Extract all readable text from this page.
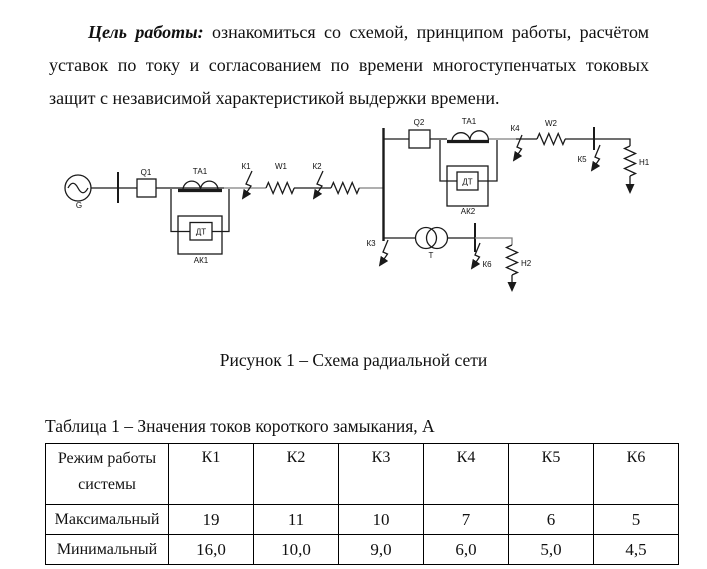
Цель работы: ознакомиться со схемой, принципом работы, расчётом уставок по току и согласованием по времени многоступенчатых токовых защит с независимой характеристикой выдержки времени.

G
Q1	ТА1
ДТ
АК1
К1	W1	К2
Q2	ТА1
ДТ
АК2
К4
W2
К5	Н1
К3
Т
К6	Н2
Рисунок 1 – Схема радиальной сети
Таблица 1 – Значения токов короткого замыкания, А
Режим работы системы	К1	К2	К3	К4	К5	К6
Максимальный	19	11	10	7	6	5
Минимальный	16,0	10,0	9,0	6,0	5,0	4,5
